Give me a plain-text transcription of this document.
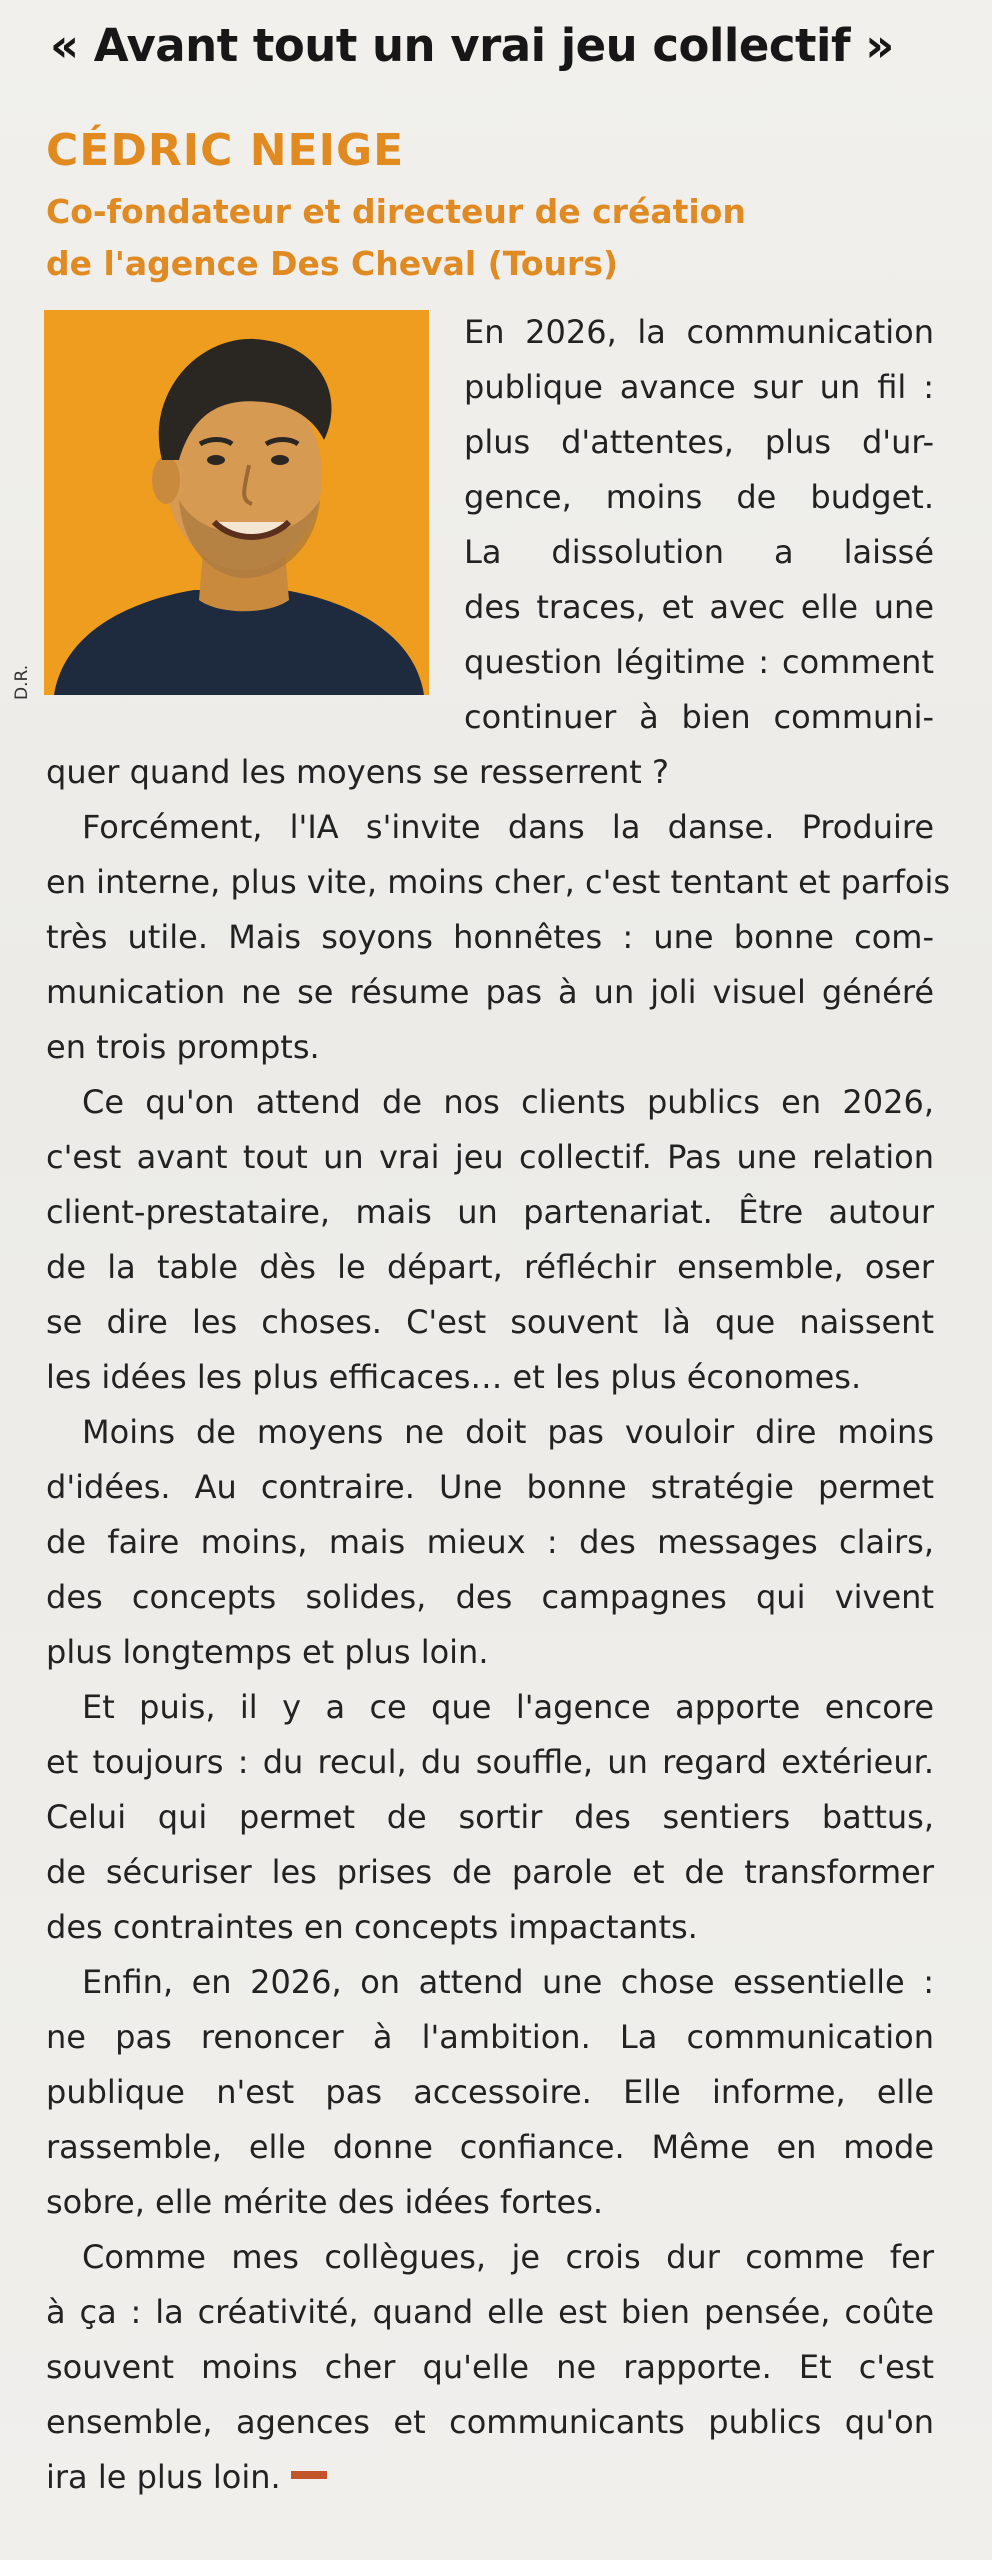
« Avant tout un vrai jeu collectif »
CÉDRIC NEIGE
Co-fondateur et directeur de création
de l'agence Des Cheval (Tours)
D.R.
En 2026, la communication
publique avance sur un fil :
plus d'attentes, plus d'ur-
gence, moins de budget.
La dissolution a laissé
des traces, et avec elle une
question légitime : comment
continuer à bien communi-
quer quand les moyens se resserrent ?
Forcément, l'IA s'invite dans la danse. Produire
en interne, plus vite, moins cher, c'est tentant et parfois
très utile. Mais soyons honnêtes : une bonne com-
munication ne se résume pas à un joli visuel généré
en trois prompts.
Ce qu'on attend de nos clients publics en 2026,
c'est avant tout un vrai jeu collectif. Pas une relation
client-prestataire, mais un partenariat. Être autour
de la table dès le départ, réfléchir ensemble, oser
se dire les choses. C'est souvent là que naissent
les idées les plus efficaces… et les plus économes.
Moins de moyens ne doit pas vouloir dire moins
d'idées. Au contraire. Une bonne stratégie permet
de faire moins, mais mieux : des messages clairs,
des concepts solides, des campagnes qui vivent
plus longtemps et plus loin.
Et puis, il y a ce que l'agence apporte encore
et toujours : du recul, du souffle, un regard extérieur.
Celui qui permet de sortir des sentiers battus,
de sécuriser les prises de parole et de transformer
des contraintes en concepts impactants.
Enfin, en 2026, on attend une chose essentielle :
ne pas renoncer à l'ambition. La communication
publique n'est pas accessoire. Elle informe, elle
rassemble, elle donne confiance. Même en mode
sobre, elle mérite des idées fortes.
Comme mes collègues, je crois dur comme fer
à ça : la créativité, quand elle est bien pensée, coûte
souvent moins cher qu'elle ne rapporte. Et c'est
ensemble, agences et communicants publics qu'on
ira le plus loin.
